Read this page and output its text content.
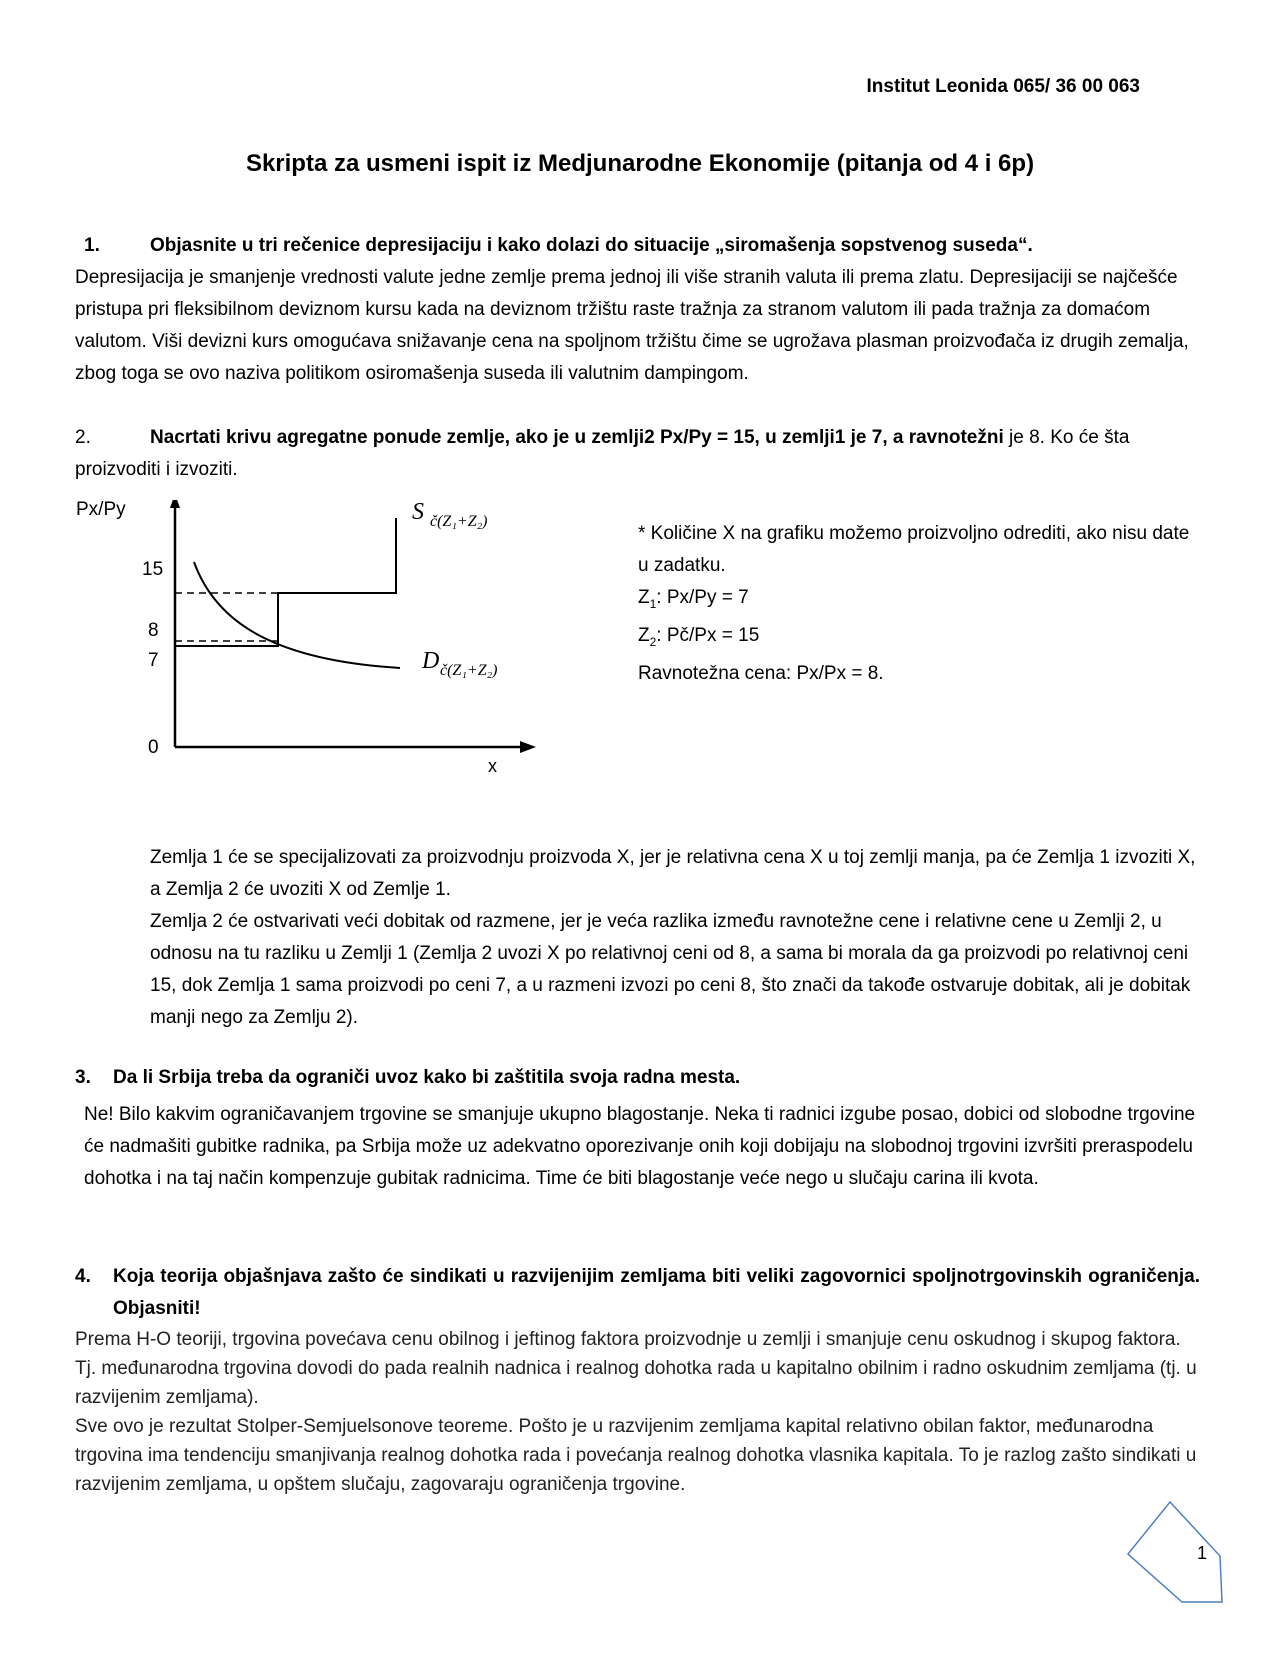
Institut Leonida 065/ 36 00 063
Skripta za usmeni ispit iz Medjunarodne Ekonomije (pitanja od 4 i 6p)
1.	Objasnite u tri rečenice depresijaciju i kako dolazi do situacije „siromašenja sopstvenog suseda“.
Depresijacija je smanjenje vrednosti valute jedne zemlje prema jednoj ili više stranih valuta ili prema zlatu. Depresijaciji se najčešće pristupa pri fleksibilnom deviznom kursu kada na deviznom tržištu raste tražnja za stranom valutom ili pada tražnja za domaćom valutom. Viši devizni kurs omogućava snižavanje cena na spoljnom tržištu čime se ugrožava plasman proizvođača iz drugih zemalja, zbog toga se ovo naziva politikom osiromašenja suseda ili valutnim dampingom.
2.	Nacrtati krivu agregatne ponude zemlje, ako je u zemlji2 Px/Py = 15, u zemlji1 je 7, a ravnotežni je 8. Ko će šta proizvoditi i izvoziti.
Px/Py
15
8
7
0
x
S č(Z₁+Z₂)
D č(Z₁+Z₂)
* Količine X na grafiku možemo proizvoljno odrediti, ako nisu date u zadatku.
$Z_1$: Px/Py = 7
$Z_2$: Pč/Px = 15
Ravnotežna cena: Px/Px = 8.
Zemlja 1 će se specijalizovati za proizvodnju proizvoda X, jer je relativna cena X u toj zemlji manja, pa će Zemlja 1 izvoziti X, a Zemlja 2 će uvoziti X od Zemlje 1.
Zemlja 2 će ostvarivati veći dobitak od razmene, jer je veća razlika između ravnotežne cene i relativne cene u Zemlji 2, u odnosu na tu razliku u Zemlji 1 (Zemlja 2 uvozi X po relativnoj ceni od 8, a sama bi morala da ga proizvodi po relativnoj ceni 15, dok Zemlja 1 sama proizvodi po ceni 7, a u razmeni izvozi po ceni 8, što znači da takođe ostvaruje dobitak, ali je dobitak manji nego za Zemlju 2).
3. Da li Srbija treba da ograniči uvoz kako bi zaštitila svoja radna mesta.
Ne! Bilo kakvim ograničavanjem trgovine se smanjuje ukupno blagostanje. Neka ti radnici izgube posao, dobici od slobodne trgovine će nadmašiti gubitke radnika, pa Srbija može uz adekvatno oporezivanje onih koji dobijaju na slobodnoj trgovini izvršiti preraspodelu dohotka i na taj način kompenzuje gubitak radnicima. Time će biti blagostanje veće nego u slučaju carina ili kvota.
4. Koja teorija objašnjava zašto će sindikati u razvijenijim zemljama biti veliki zagovornici spoljnotrgovinskih ograničenja. Objasniti!
Prema H-O teoriji, trgovina povećava cenu obilnog i jeftinog faktora proizvodnje u zemlji i smanjuje cenu oskudnog i skupog faktora. Tj. međunarodna trgovina dovodi do pada realnih nadnica i realnog dohotka rada u kapitalno obilnim i radno oskudnim zemljama (tj. u razvijenim zemljama).
Sve ovo je rezultat Stolper-Semjuelsonove teoreme. Pošto je u razvijenim zemljama kapital relativno obilan faktor, međunarodna trgovina ima tendenciju smanjivanja realnog dohotka rada i povećanja realnog dohotka vlasnika kapitala. To je razlog zašto sindikati u razvijenim zemljama, u opštem slučaju, zagovaraju ograničenja trgovine.
1
